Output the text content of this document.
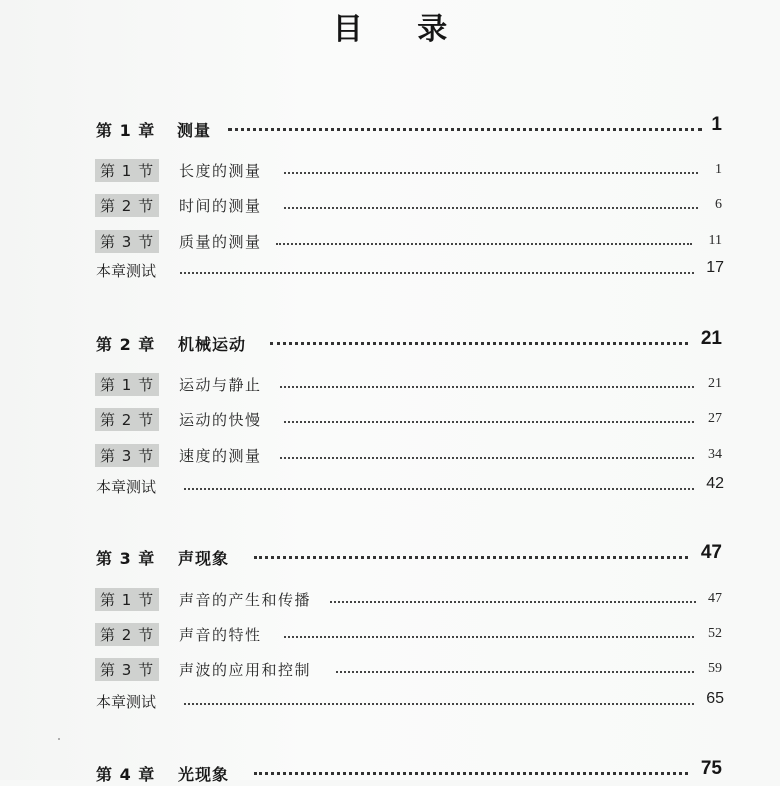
目 录
第 1 章 测量	1
第 1 节	长度的测量	1
第 2 节	时间的测量	6
第 3 节	质量的测量	11
本章测试	17
第 2 章 机械运动	21
第 1 节	运动与静止	21
第 2 节	运动的快慢	27
第 3 节	速度的测量	34
本章测试	42
第 3 章 声现象	47
第 1 节	声音的产生和传播	47
第 2 节	声音的特性	52
第 3 节	声波的应用和控制	59
本章测试	65
第 4 章 光现象	75
